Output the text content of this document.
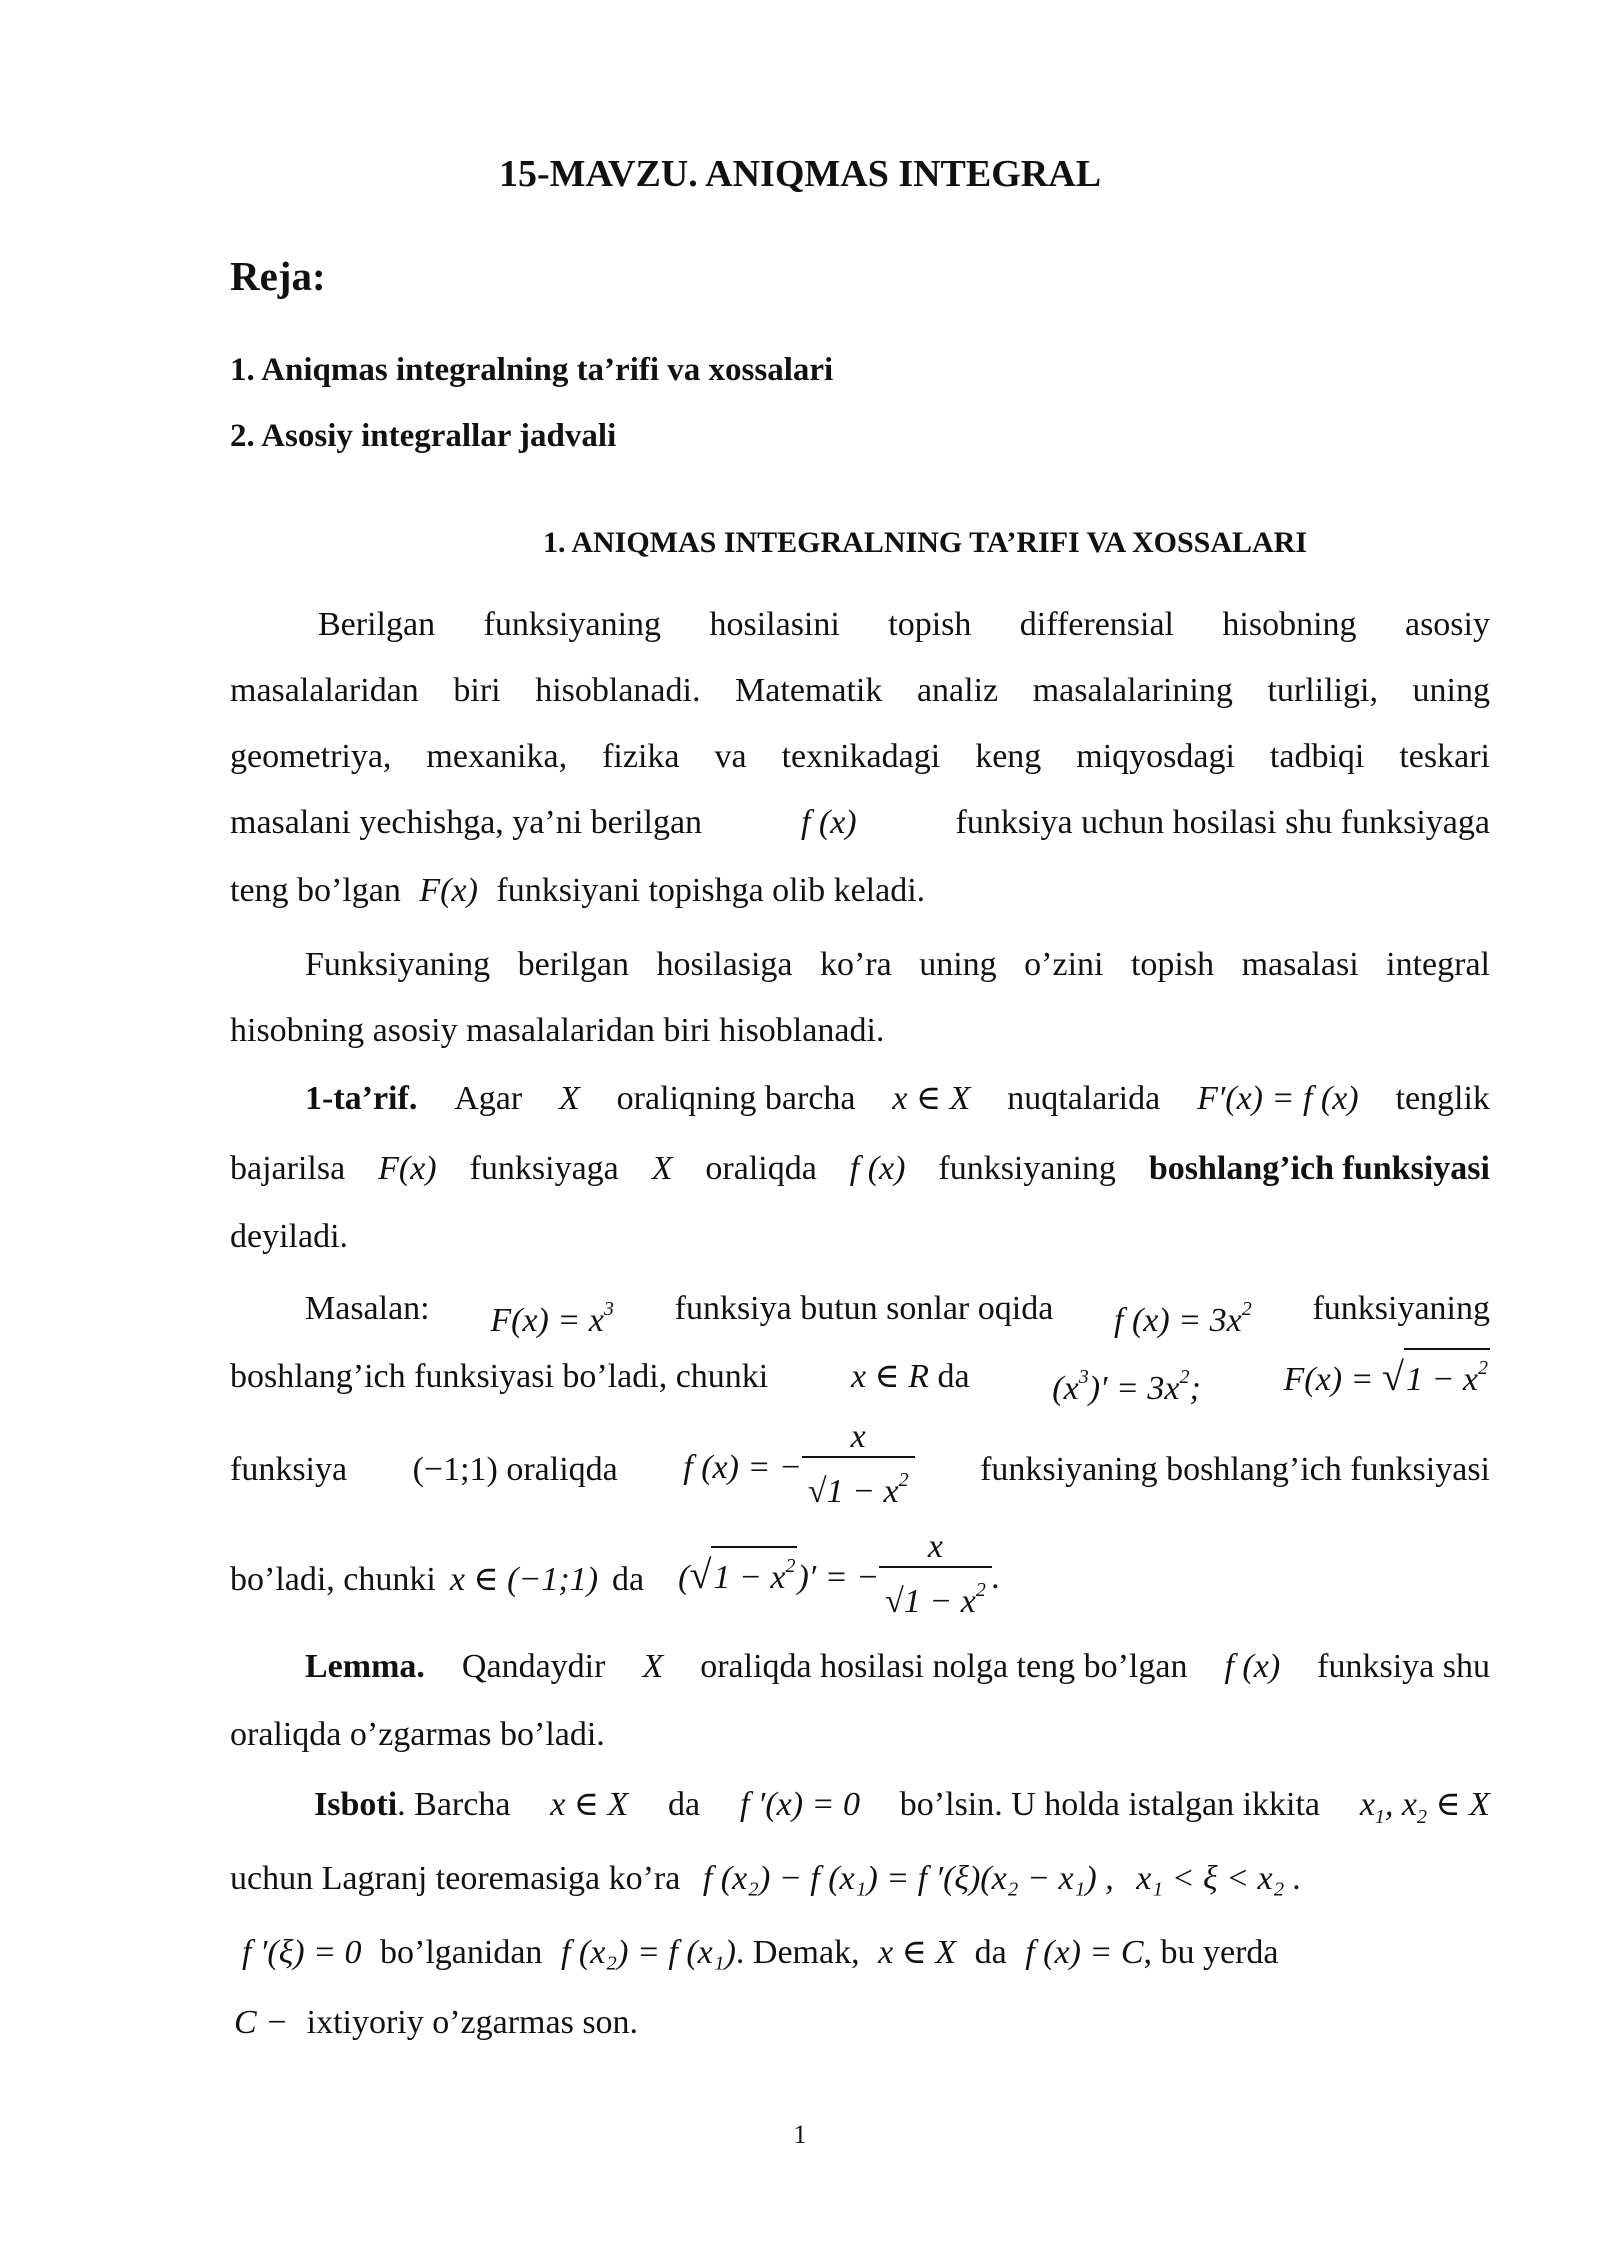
15-MAVZU. ANIQMAS INTEGRAL
Reja:
1. Aniqmas integralning ta’rifi va xossalari
2. Asosiy integrallar jadvali
1. ANIQMAS INTEGRALNING TA’RIFI VA XOSSALARI
Berilgan funksiyaning hosilasini topish differensial hisobning asosiy
masalalaridan biri hisoblanadi. Matematik analiz masalalarining turliligi, uning
geometriya, mexanika, fizika va texnikadagi keng miqyosdagi tadbiqi teskari
masalani yechishga, ya’ni berilgan	f (x)	funksiya uchun hosilasi shu funksiyaga
teng bo’lgan F(x) funksiyani topishga olib keladi.
Funksiyaning berilgan hosilasiga ko’ra uning o’zini topish masalasi integral
hisobning asosiy masalalaridan biri hisoblanadi.
1-ta’rif. Agar X oraliqning barcha x ∈ X nuqtalarida F′(x) = f (x) tenglik
bajarilsa F(x) funksiyaga X oraliqda f (x) funksiyaning boshlang’ich funksiyasi
deyiladi.
Masalan: $F(x) = x^3$ funksiya butun sonlar oqida f $(x) = 3x^2$ funksiyaning
boshlang’ich funksiyasi bo’ladi, chunki x ∈ R da $(x^3)' = 3x^2$; $F(x) = √1 - x^2$
funksiya (−1;1) oraliqda f (x) = − $\frac{x}{√1 - x^2}$ funksiyaning boshlang’ich funksiyasi
bo’ladi, chunki x ∈ (−1;1) da $(√1 - x^2)'$ = − $\frac{x}{√1 - x^2}$ .
Lemma. Qandaydir X oraliqda hosilasi nolga teng bo’lgan f (x) funksiya shu
oraliqda o’zgarmas bo’ladi.
Isboti. Barcha x ∈ X da f ′(x) = 0 bo’lsin. U holda istalgan ikkita $x_1$, $x_2$ ∈ X
uchun Lagranj teoremasiga ko’ra f (x₂) − f (x₁) = f ′(ξ)(x₂ − x₁) , x₁ < ξ < x₂ .
f ′(ξ) = 0 bo’lganidan f (x₂) = f (x₁). Demak, x ∈ X da f (x) = C, bu yerda
C − ixtiyoriy o’zgarmas son.
1
